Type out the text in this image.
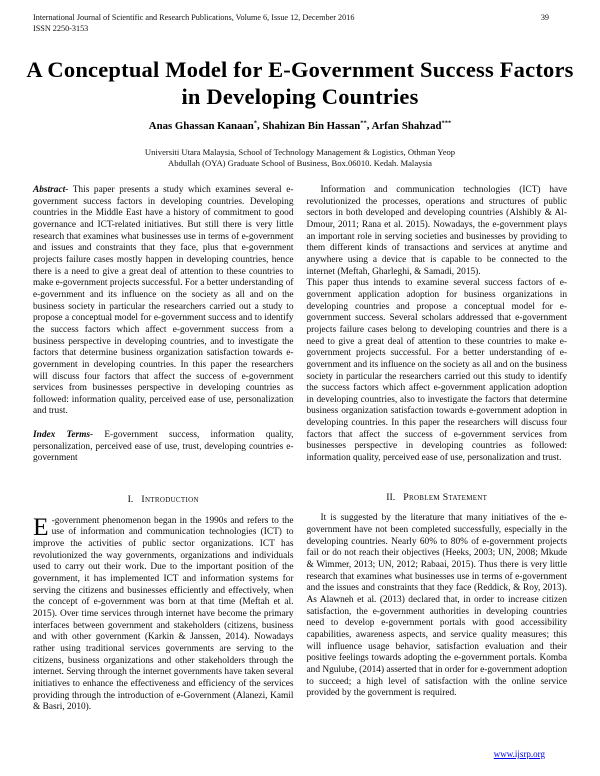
International Journal of Scientific and Research Publications, Volume 6, Issue 12, December 2016
ISSN 2250-3153
39
A Conceptual Model for E-Government Success Factors
in Developing Countries
Anas Ghassan Kanaan*, Shahizan Bin Hassan**, Arfan Shahzad***
Universiti Utara Malaysia, School of Technology Management & Logistics, Othman Yeop
Abdullah (OYA) Graduate School of Business, Box.06010. Kedah. Malaysia
Abstract- This paper presents a study which examines several e-government success factors in developing countries. Developing countries in the Middle East have a history of commitment to good governance and ICT-related initiatives. But still there is very little research that examines what businesses use in terms of e-government and issues and constraints that they face, plus that e-government projects failure cases mostly happen in developing countries, hence there is a need to give a great deal of attention to these countries to make e-government projects successful. For a better understanding of e-government and its influence on the society as all and on the business society in particular the researchers carried out a study to propose a conceptual model for e-government success and to identify the success factors which affect e-government success from a business perspective in developing countries, and to investigate the factors that determine business organization satisfaction towards e-government in developing countries. In this paper the researchers will discuss four factors that affect the success of e-government services from businesses perspective in developing countries as followed: information quality, perceived ease of use, personalization and trust.
Index Terms- E-government success, information quality, personalization, perceived ease of use, trust, developing countries e-government
I. Introduction
E -government phenomenon began in the 1990s and refers to the use of information and communication technologies (ICT) to improve the activities of public sector organizations. ICT has revolutionized the way governments, organizations and individuals used to carry out their work. Due to the important position of the government, it has implemented ICT and information systems for serving the citizens and businesses efficiently and effectively, when the concept of e-government was born at that time (Meftah et al. 2015). Over time services through internet have become the primary interfaces between government and stakeholders (citizens, business and with other government (Karkin & Janssen, 2014). Nowadays rather using traditional services governments are serving to the citizens, business organizations and other stakeholders through the internet. Serving through the internet governments have taken several initiatives to enhance the effectiveness and efficiency of the services providing through the introduction of e-Government (Alanezi, Kamil & Basri, 2010).
Information and communication technologies (ICT) have revolutionized the processes, operations and structures of public sectors in both developed and developing countries (Alshibly & Al-Dmour, 2011; Rana et al. 2015). Nowadays, the e-government plays an important role in serving societies and businesses by providing to them different kinds of transactions and services at anytime and anywhere using a device that is capable to be connected to the internet (Meftah, Gharleghi, & Samadi, 2015).
This paper thus intends to examine several success factors of e-government application adoption for business organizations in developing countries and propose a conceptual model for e-government success. Several scholars addressed that e-government projects failure cases belong to developing countries and there is a need to give a great deal of attention to these countries to make e-government projects successful. For a better understanding of e-government and its influence on the society as all and on the business society in particular the researchers carried out this study to identify the success factors which affect e-government application adoption in developing countries, also to investigate the factors that determine business organization satisfaction towards e-government adoption in developing countries. In this paper the researchers will discuss four factors that affect the success of e-government services from businesses perspective in developing countries as followed: information quality, perceived ease of use, personalization and trust.
II. Problem Statement
It is suggested by the literature that many initiatives of the e-government have not been completed successfully, especially in the developing countries. Nearly 60% to 80% of e-government projects fail or do not reach their objectives (Heeks, 2003; UN, 2008; Mkude & Wimmer, 2013; UN, 2012; Rabaai, 2015). Thus there is very little research that examines what businesses use in terms of e-government and the issues and constraints that they face (Reddick, & Roy, 2013). As Alawneh et al. (2013) declared that, in order to increase citizen satisfaction, the e-government authorities in developing countries need to develop e-government portals with good accessibility capabilities, awareness aspects, and service quality measures; this will influence usage behavior, satisfaction evaluation and their positive feelings towards adopting the e-government portals. Komba and Ngulube, (2014) asserted that in order for e-government adoption to succeed; a high level of satisfaction with the online service provided by the government is required.
www.ijsrp.org
